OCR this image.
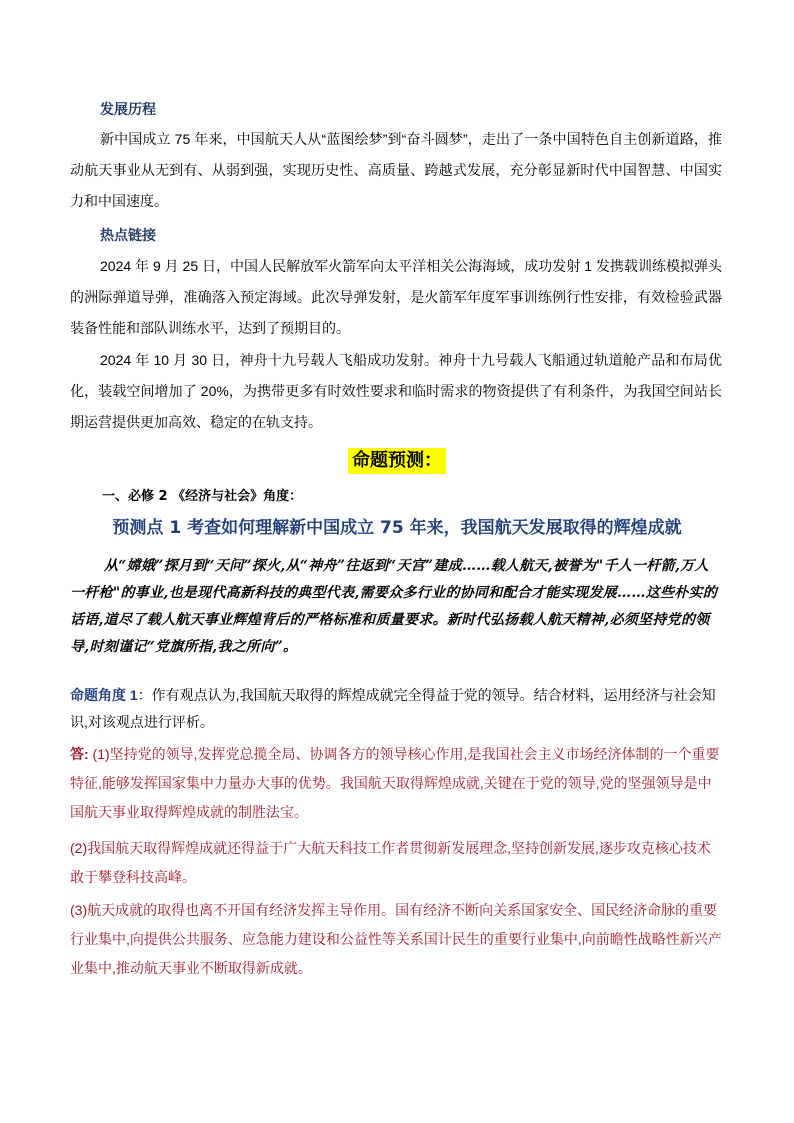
发展历程

新中国成立 75 年来，中国航天人从“蓝图绘梦”到“奋斗圆梦”，走出了一条中国特色自主创新道路，推动航天事业从无到有、从弱到强，实现历史性、高质量、跨越式发展，充分彰显新时代中国智慧、中国实力和中国速度。

热点链接

2024 年 9 月 25 日，中国人民解放军火箭军向太平洋相关公海海域，成功发射 1 发携载训练模拟弹头的洲际弹道导弹，准确落入预定海域。此次导弹发射，是火箭军年度军事训练例行性安排，有效检验武器装备性能和部队训练水平，达到了预期目的。

2024 年 10 月 30 日，神舟十九号载人飞船成功发射。神舟十九号载人飞船通过轨道舱产品和布局优化，装载空间增加了 20%，为携带更多有时效性要求和临时需求的物资提供了有利条件，为我国空间站长期运营提供更加高效、稳定的在轨支持。

命题预测：
一、必修 2 《经济与社会》角度：
预测点 1 考查如何理解新中国成立 75 年来，我国航天发展取得的辉煌成就

从“嫦娥”探月到“天问”探火,从“神舟”往返到“天宫”建成……载人航天,被誉为"千人一杆箭,万人一杆枪"的事业,也是现代高新科技的典型代表,需要众多行业的协同和配合才能实现发展……这些朴实的话语,道尽了载人航天事业辉煌背后的严格标准和质量要求。新时代弘扬载人航天精神,必须坚持党的领导,时刻谨记“党旗所指,我之所向”。

命题角度 1：作有观点认为,我国航天取得的辉煌成就完全得益于党的领导。结合材料，运用经济与社会知识,对该观点进行评析。

答: (1)坚持党的领导,发挥党总揽全局、协调各方的领导核心作用,是我国社会主义市场经济体制的一个重要特征,能够发挥国家集中力量办大事的优势。我国航天取得辉煌成就,关键在于党的领导,党的坚强领导是中国航天事业取得辉煌成就的制胜法宝。

(2)我国航天取得辉煌成就还得益于广大航天科技工作者贯彻新发展理念,坚持创新发展,逐步攻克核心技术敢于攀登科技高峰。

(3)航天成就的取得也离不开国有经济发挥主导作用。国有经济不断向关系国家安全、国民经济命脉的重要行业集中,向提供公共服务、应急能力建设和公益性等关系国计民生的重要行业集中,向前瞻性战略性新兴产业集中,推动航天事业不断取得新成就。
